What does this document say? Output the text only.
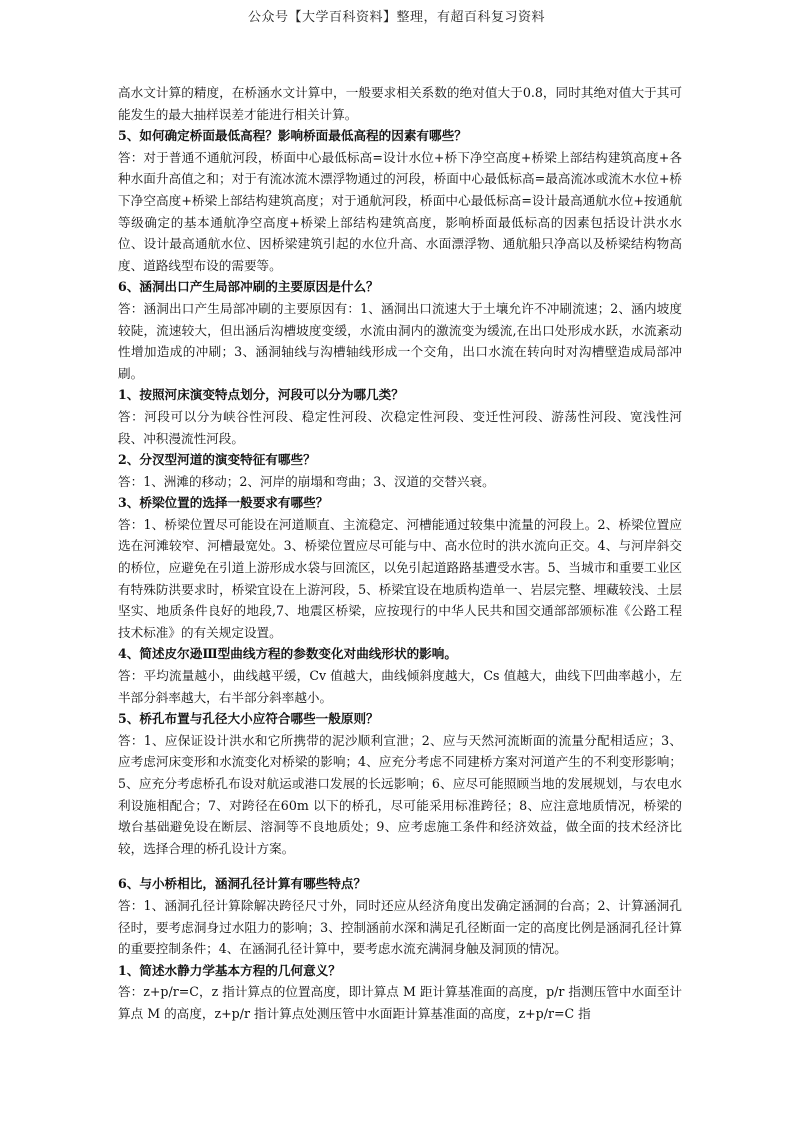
公众号【大学百科资料】整理，有超百科复习资料

高水文计算的精度，在桥涵水文计算中，一般要求相关系数的绝对值大于0.8，同时其绝对值大于其可能发生的最大抽样误差才能进行相关计算。

5、如何确定桥面最低高程？影响桥面最低高程的因素有哪些？

答：对于普通不通航河段，桥面中心最低标高=设计水位+桥下净空高度+桥梁上部结构建筑高度+各种水面升高值之和；对于有流冰流木漂浮物通过的河段，桥面中心最低标高=最高流冰或流木水位+桥下净空高度+桥梁上部结构建筑高度；对于通航河段，桥面中心最低标高=设计最高通航水位+按通航等级确定的基本通航净空高度+桥梁上部结构建筑高度，影响桥面最低标高的因素包括设计洪水水位、设计最高通航水位、因桥梁建筑引起的水位升高、水面漂浮物、通航船只净高以及桥梁结构物高度、道路线型布设的需要等。

6、涵洞出口产生局部冲刷的主要原因是什么？

答：涵洞出口产生局部冲刷的主要原因有：1、涵洞出口流速大于土壤允许不冲刷流速；2、涵内坡度较陡，流速较大，但出涵后沟槽坡度变缓，水流由洞内的激流变为缓流,在出口处形成水跃，水流紊动性增加造成的冲刷；3、涵洞轴线与沟槽轴线形成一个交角，出口水流在转向时对沟槽壁造成局部冲刷。

1、按照河床演变特点划分，河段可以分为哪几类？

答：河段可以分为峡谷性河段、稳定性河段、次稳定性河段、变迁性河段、游荡性河段、宽浅性河段、冲积漫流性河段。

2、分汊型河道的演变特征有哪些？

答：1、洲滩的移动；2、河岸的崩塌和弯曲；3、汊道的交替兴衰。

3、桥梁位置的选择一般要求有哪些？

答：1、桥梁位置尽可能设在河道顺直、主流稳定、河槽能通过较集中流量的河段上。2、桥梁位置应选在河滩较窄、河槽最宽处。3、桥梁位置应尽可能与中、高水位时的洪水流向正交。4、与河岸斜交的桥位，应避免在引道上游形成水袋与回流区，以免引起道路路基遭受水害。5、当城市和重要工业区有特殊防洪要求时，桥梁宜设在上游河段，5、桥梁宜设在地质构造单一、岩层完整、埋藏较浅、土层坚实、地质条件良好的地段,7、地震区桥梁，应按现行的中华人民共和国交通部部颁标准《公路工程技术标准》的有关规定设置。

4、简述皮尔逊Ⅲ型曲线方程的参数变化对曲线形状的影响。

答：平均流量越小，曲线越平缓，Cv 值越大，曲线倾斜度越大，Cs 值越大，曲线下凹曲率越小，左半部分斜率越大，右半部分斜率越小。

5、桥孔布置与孔径大小应符合哪些一般原则？

答：1、应保证设计洪水和它所携带的泥沙顺利宣泄；2、应与天然河流断面的流量分配相适应；3、应考虑河床变形和水流变化对桥梁的影响；4、应充分考虑不同建桥方案对河道产生的不利变形影响；5、应充分考虑桥孔布设对航运或港口发展的长远影响；6、应尽可能照顾当地的发展规划，与农电水利设施相配合；7、对跨径在60m 以下的桥孔，尽可能采用标准跨径；8、应注意地质情况，桥梁的墩台基础避免设在断层、溶洞等不良地质处；9、应考虑施工条件和经济效益，做全面的技术经济比较，选择合理的桥孔设计方案。

6、与小桥相比，涵洞孔径计算有哪些特点？

答：1、涵洞孔径计算除解决跨径尺寸外，同时还应从经济角度出发确定涵洞的台高；2、计算涵洞孔径时，要考虑洞身过水阻力的影响；3、控制涵前水深和满足孔径断面一定的高度比例是涵洞孔径计算的重要控制条件；4、在涵洞孔径计算中，要考虑水流充满洞身触及洞顶的情况。

1、简述水静力学基本方程的几何意义？

答：z+p/r=C，z 指计算点的位置高度，即计算点 M 距计算基准面的高度，p/r 指测压管中水面至计算点 M 的高度，z+p/r 指计算点处测压管中水面距计算基准面的高度，z+p/r=C 指
